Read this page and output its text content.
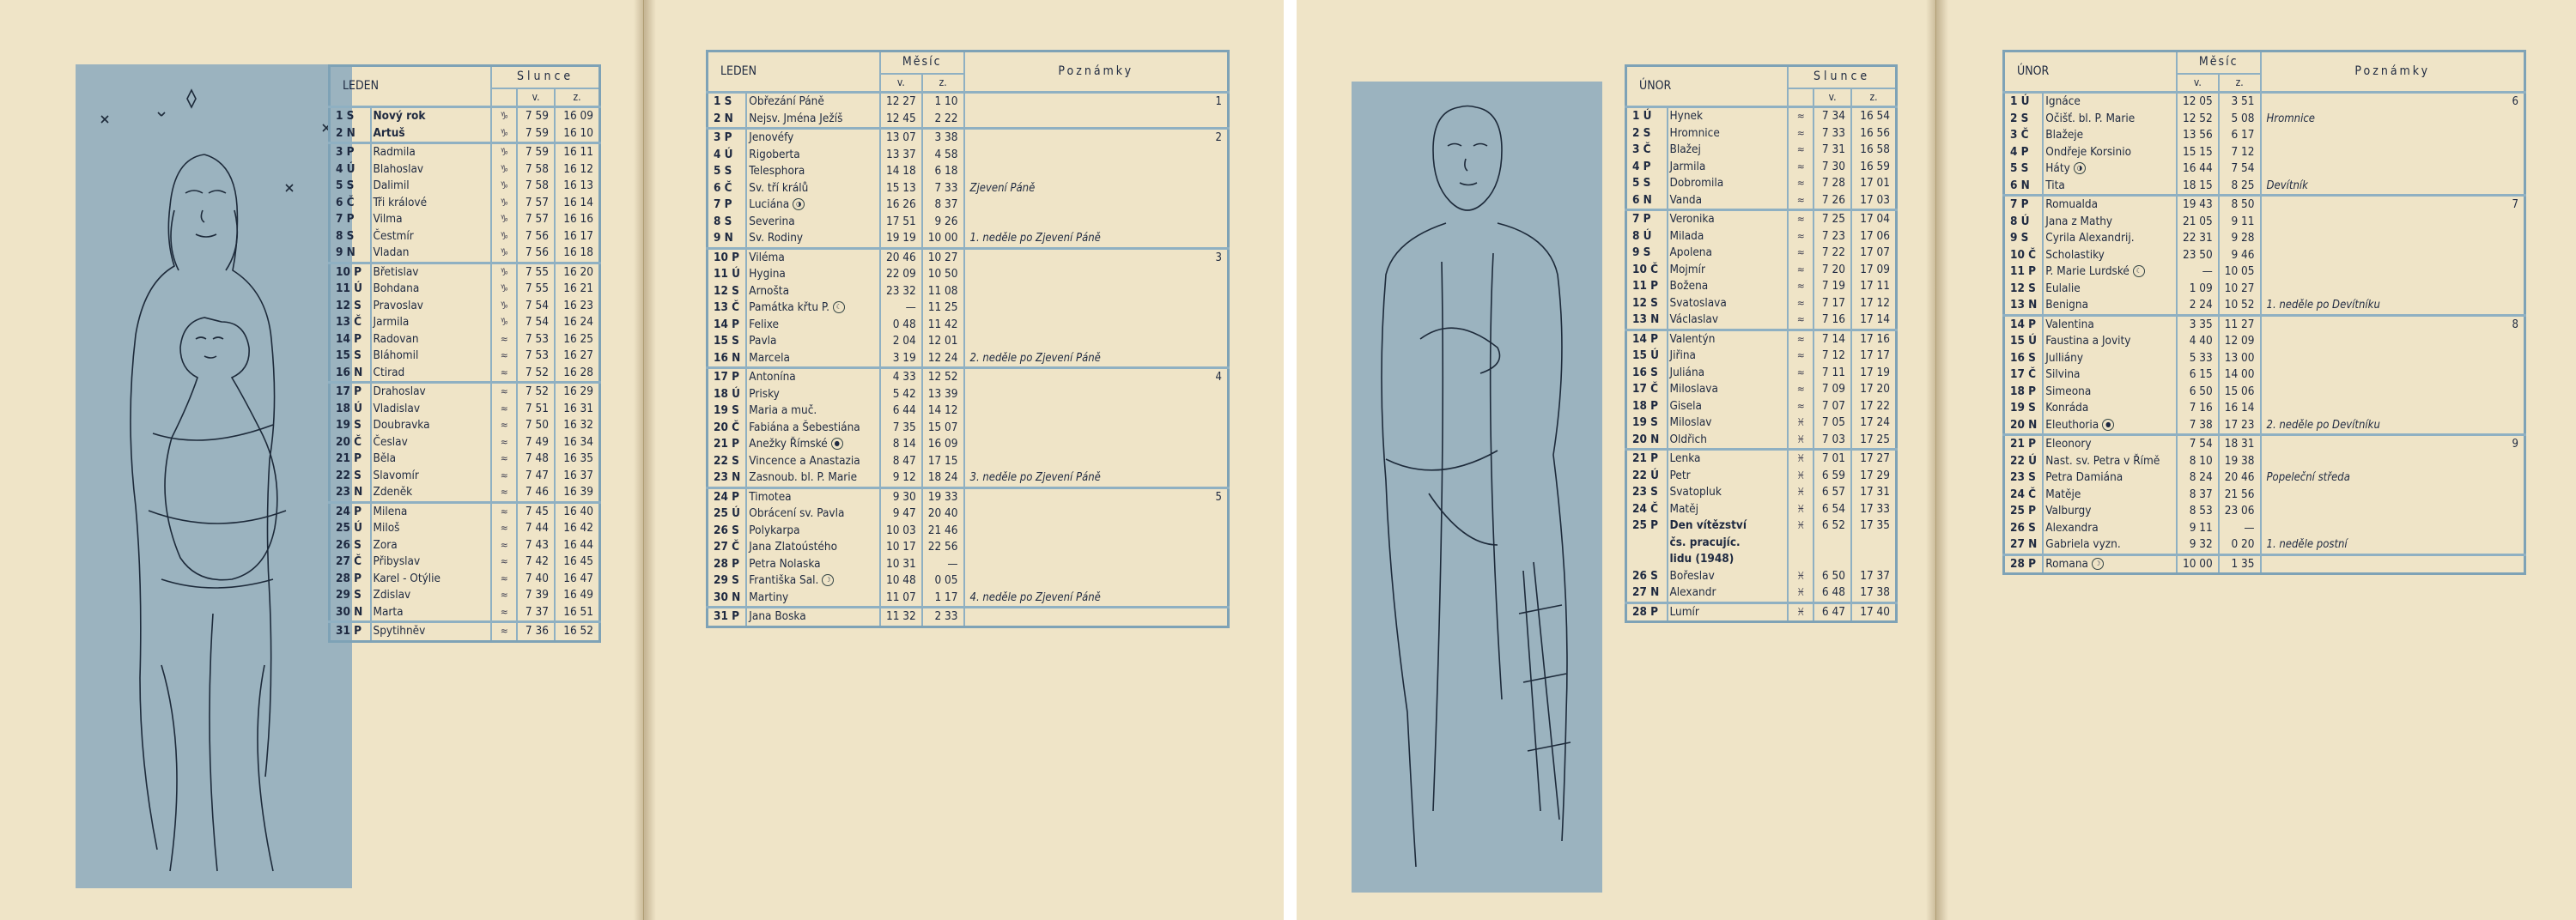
LEDEN		Slunce		
			v.	z.
1 S	Nový rok	♑	7 59	16 09
2 N	Artuš	♑	7 59	16 10
3 P	Radmila	♑	7 59	16 11
4 Ú	Blahoslav	♑	7 58	16 12
5 S	Dalimil	♑	7 58	16 13
6 Č	Tři králové	♑	7 57	16 14
7 P	Vilma	♑	7 57	16 16
8 S	Čestmír	♑	7 56	16 17
9 N	Vladan	♑	7 56	16 18
10 P	Břetislav	♑	7 55	16 20
11 Ú	Bohdana	♑	7 55	16 21
12 S	Pravoslav	♑	7 54	16 23
13 Č	Jarmila	♑	7 54	16 24
14 P	Radovan	≈	7 53	16 25
15 S	Bláhomil	≈	7 53	16 27
16 N	Ctirad	≈	7 52	16 28
17 P	Drahoslav	≈	7 52	16 29
18 Ú	Vladislav	≈	7 51	16 31
19 S	Doubravka	≈	7 50	16 32
20 Č	Česlav	≈	7 49	16 34
21 P	Běla	≈	7 48	16 35
22 S	Slavomír	≈	7 47	16 37
23 N	Zdeněk	≈	7 46	16 39
24 P	Milena	≈	7 45	16 40
25 Ú	Miloš	≈	7 44	16 42
26 S	Zora	≈	7 43	16 44
27 Č	Přibyslav	≈	7 42	16 45
28 P	Karel - Otýlie	≈	7 40	16 47
29 S	Zdislav	≈	7 39	16 49
30 N	Marta	≈	7 37	16 51
31 P	Spytihněv	≈	7 36	16 52
LEDEN		Měsíc		Poznámky	
		v.	z.		
1 S	Obřezání Páně	12 27	1 10		1
2 N	Nejsv. Jména Ježíš	12 45	2 22		
3 P	Jenovéfy	13 07	3 38		2
4 Ú	Rigoberta	13 37	4 58		
5 S	Telesphora	14 18	6 18		
6 Č	Sv. tří králů	15 13	7 33	Zjevení Páně	
7 P	Luciána ◑	16 26	8 37		
8 S	Severina	17 51	9 26		
9 N	Sv. Rodiny	19 19	10 00	1. neděle po Zjevení Páně	
10 P	Viléma	20 46	10 27		3
11 Ú	Hygina	22 09	10 50		
12 S	Arnošta	23 32	11 08		
13 Č	Památka křtu P. ☾	—	11 25		
14 P	Felixe	0 48	11 42		
15 S	Pavla	2 04	12 01		
16 N	Marcela	3 19	12 24	2. neděle po Zjevení Páně	
17 P	Antonína	4 33	12 52		4
18 Ú	Prisky	5 42	13 39		
19 S	Maria a muč.	6 44	14 12		
20 Č	Fabiána a Šebestiána	7 35	15 07		
21 P	Anežky Římské ●	8 14	16 09		
22 S	Vincence a Anastazia	8 47	17 15		
23 N	Zasnoub. bl. P. Marie	9 12	18 24	3. neděle po Zjevení Páně	
24 P	Timotea	9 30	19 33		5
25 Ú	Obrácení sv. Pavla	9 47	20 40		
26 S	Polykarpa	10 03	21 46		
27 Č	Jana Zlatoústého	10 17	22 56		
28 P	Petra Nolaska	10 31	—		
29 S	Františka Sal. ☽	10 48	0 05		
30 N	Martiny	11 07	1 17	4. neděle po Zjevení Páně	
31 P	Jana Boska	11 32	2 33		
ÚNOR		Slunce		
			v.	z.
1 Ú	Hynek	≈	7 34	16 54
2 S	Hromnice	≈	7 33	16 56
3 Č	Blažej	≈	7 31	16 58
4 P	Jarmila	≈	7 30	16 59
5 S	Dobromila	≈	7 28	17 01
6 N	Vanda	≈	7 26	17 03
7 P	Veronika	≈	7 25	17 04
8 Ú	Milada	≈	7 23	17 06
9 S	Apolena	≈	7 22	17 07
10 Č	Mojmír	≈	7 20	17 09
11 P	Božena	≈	7 19	17 11
12 S	Svatoslava	≈	7 17	17 12
13 N	Václaslav	≈	7 16	17 14
14 P	Valentýn	≈	7 14	17 16
15 Ú	Jiřina	≈	7 12	17 17
16 S	Juliána	≈	7 11	17 19
17 Č	Miloslava	≈	7 09	17 20
18 P	Gisela	≈	7 07	17 22
19 S	Miloslav	♓	7 05	17 24
20 N	Oldřich	♓	7 03	17 25
21 P	Lenka	♓	7 01	17 27
22 Ú	Petr	♓	6 59	17 29
23 S	Svatopluk	♓	6 57	17 31
24 Č	Matěj	♓	6 54	17 33
25 P	Den vítězství	♓	6 52	17 35
	čs. pracujíc.			
	lidu (1948)			
26 S	Bořeslav	♓	6 50	17 37
27 N	Alexandr	♓	6 48	17 38
28 P	Lumír	♓	6 47	17 40
ÚNOR		Měsíc		Poznámky	
		v.	z.		
1 Ú	Ignáce	12 05	3 51		6
2 S	Očišť. bl. P. Marie	12 52	5 08	Hromnice	
3 Č	Blažeje	13 56	6 17		
4 P	Ondřeje Korsinio	15 15	7 12		
5 S	Háty ◑	16 44	7 54		
6 N	Tita	18 15	8 25	Devítník	
7 P	Romualda	19 43	8 50		7
8 Ú	Jana z Mathy	21 05	9 11		
9 S	Cyrila Alexandrij.	22 31	9 28		
10 Č	Scholastiky	23 50	9 46		
11 P	P. Marie Lurdské ☾	—	10 05		
12 S	Eulalie	1 09	10 27		
13 N	Benigna	2 24	10 52	1. neděle po Devítníku	
14 P	Valentina	3 35	11 27		8
15 Ú	Faustina a Jovity	4 40	12 09		
16 S	Julliány	5 33	13 00		
17 Č	Silvina	6 15	14 00		
18 P	Simeona	6 50	15 06		
19 S	Konráda	7 16	16 14		
20 N	Eleuthoria ●	7 38	17 23	2. neděle po Devítníku	
21 P	Eleonory	7 54	18 31		9
22 Ú	Nast. sv. Petra v Římě	8 10	19 38		
23 S	Petra Damiána	8 24	20 46	Popeleční středa	
24 Č	Matěje	8 37	21 56		
25 P	Valburgy	8 53	23 06		
26 S	Alexandra	9 11	—		
27 N	Gabriela vyzn.	9 32	0 20	1. neděle postní	
28 P	Romana ☽	10 00	1 35		
